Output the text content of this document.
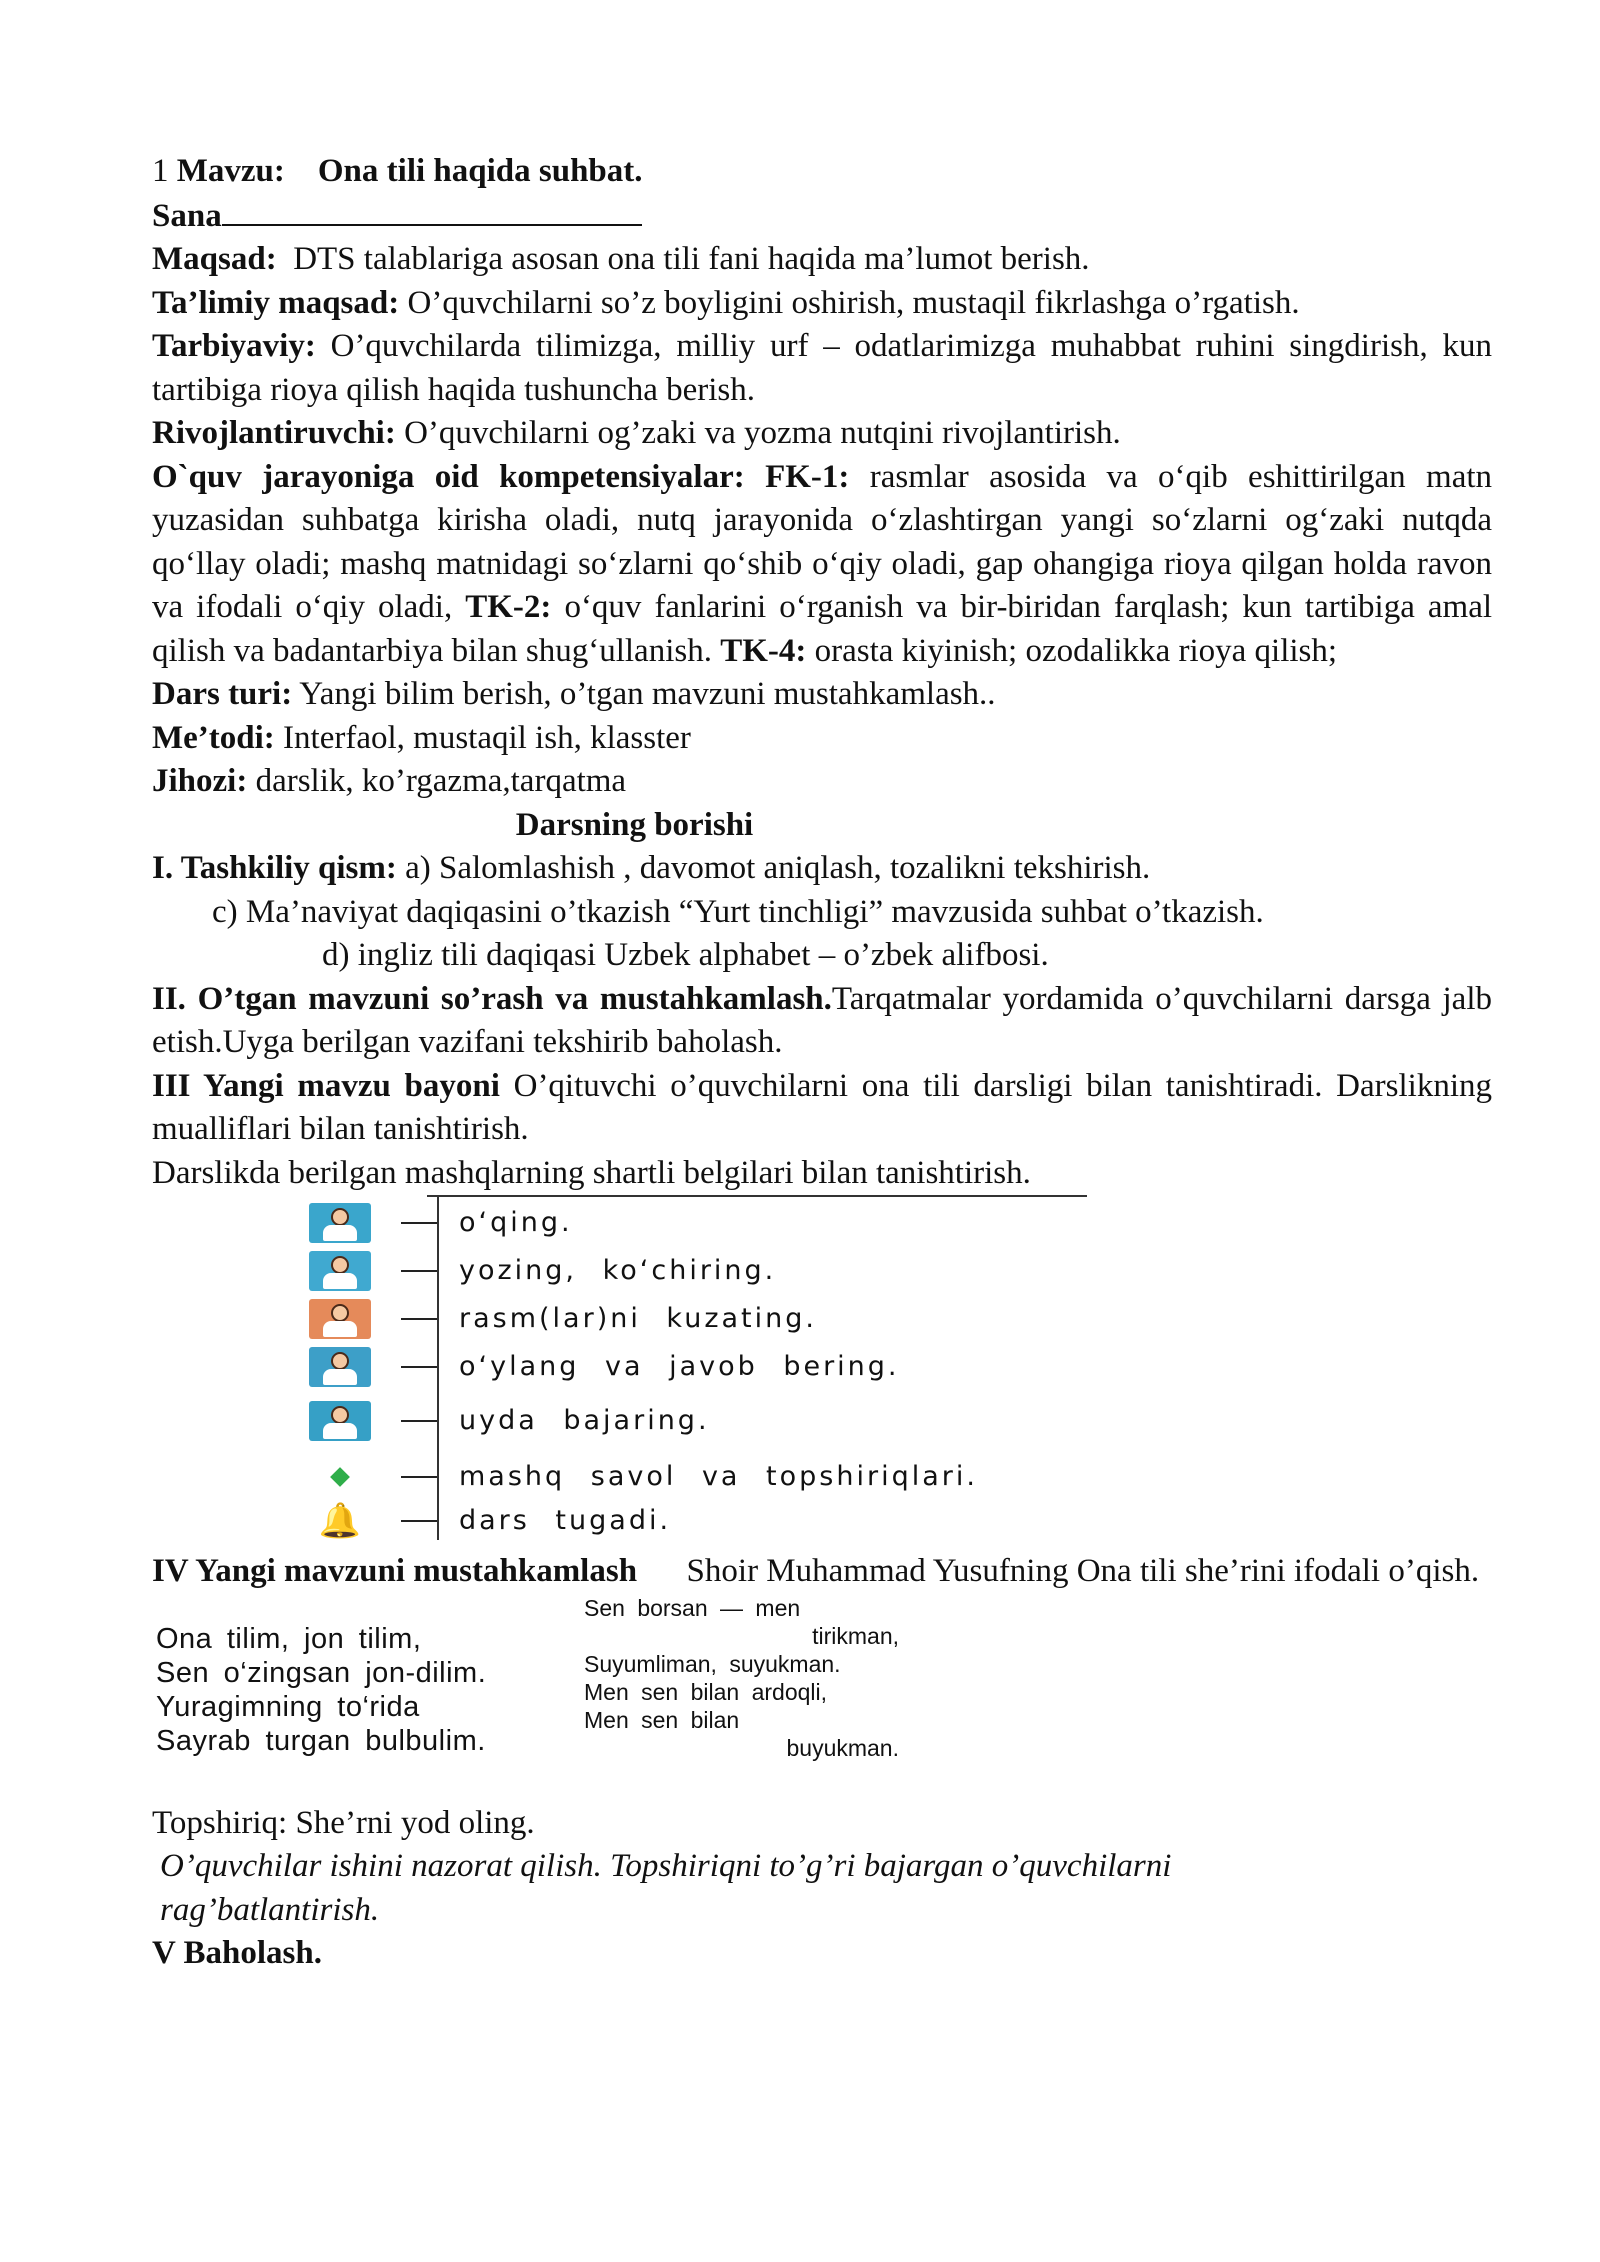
1 Mavzu: Ona tili haqida suhbat.

Sana

Maqsad: DTS talablariga asosan ona tili fani haqida ma’lumot berish.

Ta’limiy maqsad: O’quvchilarni so’z boyligini oshirish, mustaqil fikrlashga o’rgatish.

Tarbiyaviy: O’quvchilarda tilimizga, milliy urf – odatlarimizga muhabbat ruhini singdirish, kun tartibiga rioya qilish haqida tushuncha berish.

Rivojlantiruvchi: O’quvchilarni og’zaki va yozma nutqini rivojlantirish.

O`quv jarayoniga oid kompetensiyalar: FK-1: rasmlar asosida va o‘qib eshittirilgan matn yuzasidan suhbatga kirisha oladi, nutq jarayonida o‘zlashtirgan yangi so‘zlarni og‘zaki nutqda qo‘llay oladi; mashq matnidagi so‘zlarni qo‘shib o‘qiy oladi, gap ohangiga rioya qilgan holda ravon va ifodali o‘qiy oladi, TK-2: o‘quv fanlarini o‘rganish va bir-biridan farqlash; kun tartibiga amal qilish va badantarbiya bilan shug‘ullanish. TK-4: orasta kiyinish; ozodalikka rioya qilish;

Dars turi: Yangi bilim berish, o’tgan mavzuni mustahkamlash..

Me’todi: Interfaol, mustaqil ish, klasster

Jihozi: darslik, ko’rgazma,tarqatma

Darsning borishi

I. Tashkiliy qism: a) Salomlashish , davomot aniqlash, tozalikni tekshirish.

c) Ma’naviyat daqiqasini o’tkazish “Yurt tinchligi” mavzusida suhbat o’tkazish.

d) ingliz tili daqiqasi Uzbek alphabet – o’zbek alifbosi.

II. O’tgan mavzuni so’rash va mustahkamlash.Tarqatmalar yordamida o’quvchilarni darsga jalb etish.Uyga berilgan vazifani tekshirib baholash.

III Yangi mavzu bayoni O’qituvchi o’quvchilarni ona tili darsligi bilan tanishtiradi. Darslikning mualliflari bilan tanishtirish.

Darslikda berilgan mashqlarning shartli belgilari bilan tanishtirish.

o‘qing.
yozing, ko‘chiring.
rasm(lar)ni kuzating.
o‘ylang va javob bering.
uyda bajaring.
mashq savol va topshiriqlari.
🔔	dars tugadi.

IV Yangi mavzuni mustahkamlash Shoir Muhammad Yusufning Ona tili she’rini ifodali o’qish.

Ona tilim, jon tilim,
Sen o‘zingsan jon-dilim.
Yuragimning to‘rida
Sayrab turgan bulbulim.
Sen borsan — men
tirikman,
Suyumliman, suyukman.
Men sen bilan ardoqli,
Men sen bilan
buyukman.

Topshiriq: She’rni yod oling.

O’quvchilar ishini nazorat qilish. Topshiriqni to’g’ri bajargan o’quvchilarni rag’batlantirish.

V Baholash.
